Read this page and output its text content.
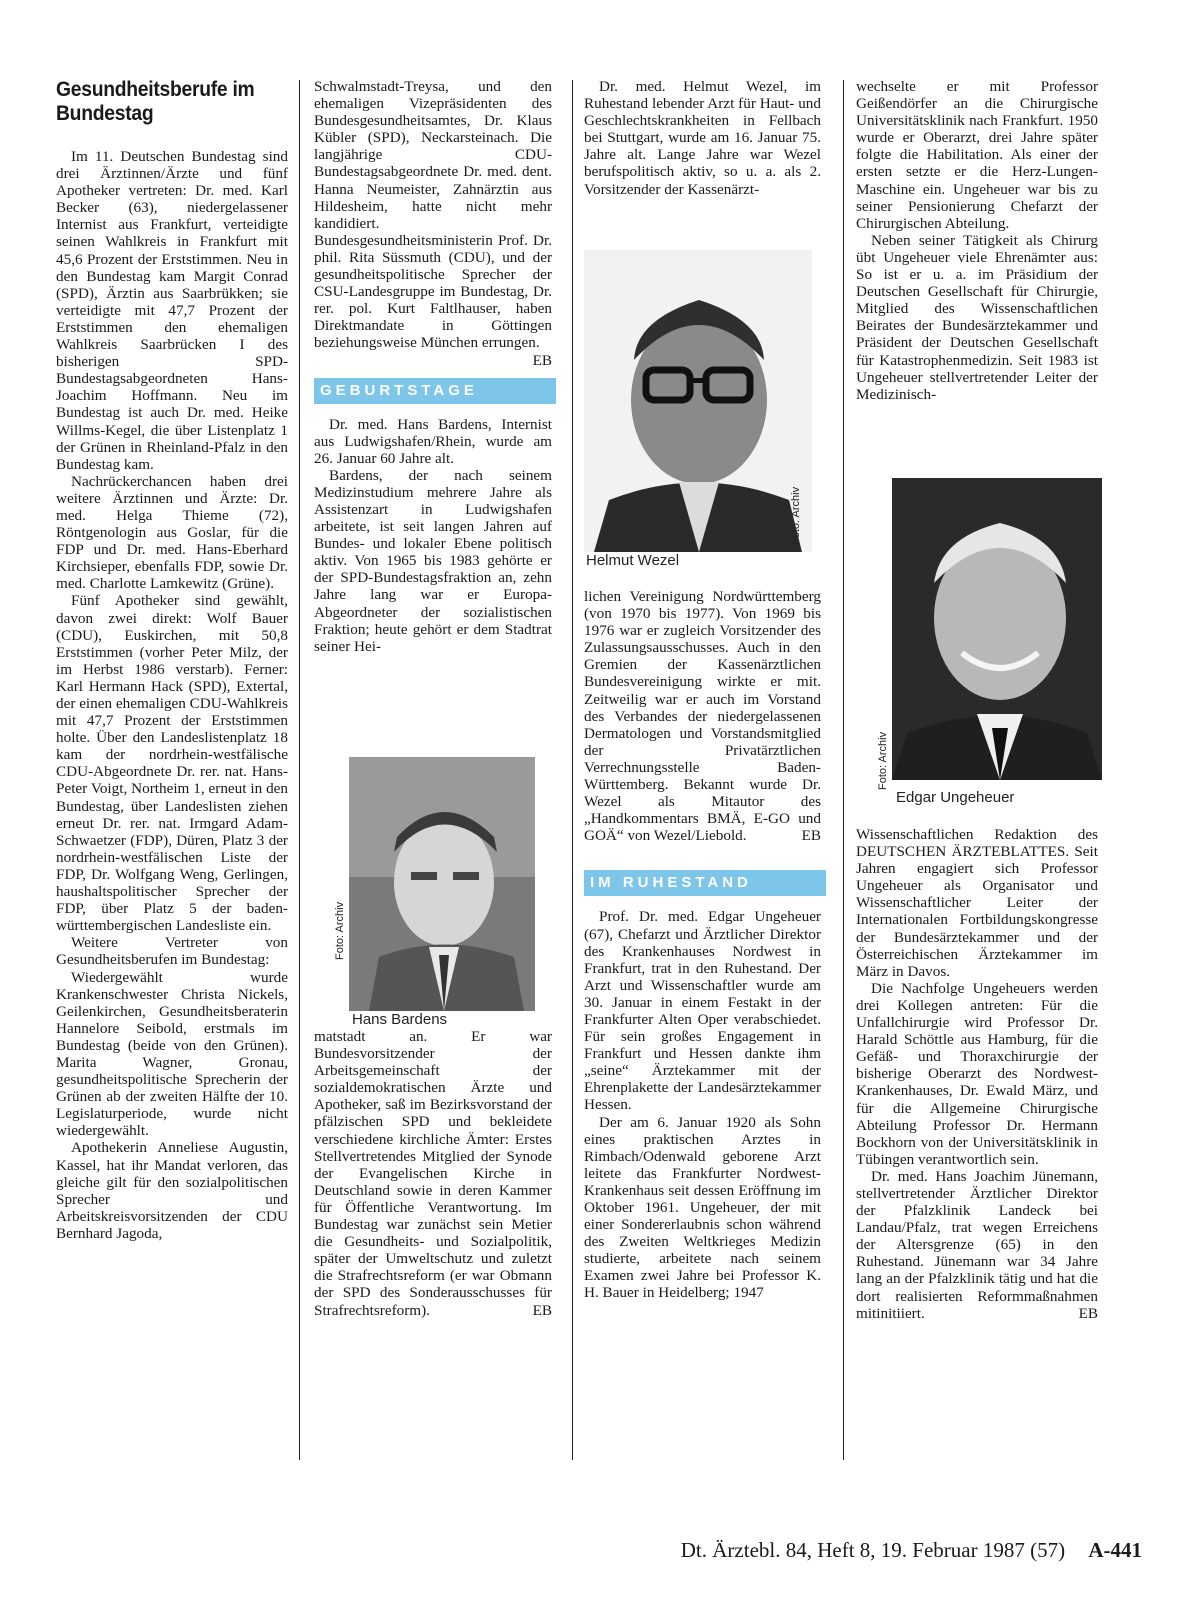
Gesundheitsberufe im Bundestag

Im 11. Deutschen Bundestag sind drei Ärztinnen/Ärzte und fünf Apotheker vertreten: Dr. med. Karl Becker (63), niedergelassener Internist aus Frankfurt, verteidigte seinen Wahlkreis in Frankfurt mit 45,6 Prozent der Erststimmen. Neu in den Bundestag kam Margit Conrad (SPD), Ärztin aus Saarbrükken; sie verteidigte mit 47,7 Prozent der Erststimmen den ehemaligen Wahlkreis Saarbrücken I des bisherigen SPD-Bundestagsabgeordneten Hans-Joachim Hoffmann. Neu im Bundestag ist auch Dr. med. Heike Willms-Kegel, die über Listenplatz 1 der Grünen in Rheinland-Pfalz in den Bundestag kam.

Nachrückerchancen haben drei weitere Ärztinnen und Ärzte: Dr. med. Helga Thieme (72), Röntgenologin aus Goslar, für die FDP und Dr. med. Hans-Eberhard Kirchsieper, ebenfalls FDP, sowie Dr. med. Charlotte Lamkewitz (Grüne).

Fünf Apotheker sind gewählt, davon zwei direkt: Wolf Bauer (CDU), Euskirchen, mit 50,8 Erststimmen (vorher Peter Milz, der im Herbst 1986 verstarb). Ferner: Karl Hermann Hack (SPD), Extertal, der einen ehemaligen CDU-Wahlkreis mit 47,7 Prozent der Erststimmen holte. Über den Landeslistenplatz 18 kam der nordrhein-westfälische CDU-Abgeordnete Dr. rer. nat. Hans-Peter Voigt, Northeim 1, erneut in den Bundestag, über Landeslisten ziehen erneut Dr. rer. nat. Irmgard Adam-Schwaetzer (FDP), Düren, Platz 3 der nordrhein-westfälischen Liste der FDP, Dr. Wolfgang Weng, Gerlingen, haushaltspolitischer Sprecher der FDP, über Platz 5 der baden-württembergischen Landesliste ein.

Weitere Vertreter von Gesundheitsberufen im Bundestag:

Wiedergewählt wurde Krankenschwester Christa Nickels, Geilenkirchen, Gesundheitsberaterin Hannelore Seibold, erstmals im Bundestag (beide von den Grünen). Marita Wagner, Gronau, gesundheitspolitische Sprecherin der Grünen ab der zweiten Hälfte der 10. Legislaturperiode, wurde nicht wiedergewählt.

Apothekerin Anneliese Augustin, Kassel, hat ihr Mandat verloren, das gleiche gilt für den sozialpolitischen Sprecher und Arbeitskreisvorsitzenden der CDU Bernhard Jagoda,

Schwalmstadt-Treysa, und den ehemaligen Vizepräsidenten des Bundesgesundheitsamtes, Dr. Klaus Kübler (SPD), Neckarsteinach. Die langjährige CDU-Bundestagsabgeordnete Dr. med. dent. Hanna Neumeister, Zahnärztin aus Hildesheim, hatte nicht mehr kandidiert. Bundesgesundheitsministerin Prof. Dr. phil. Rita Süssmuth (CDU), und der gesundheitspolitische Sprecher der CSU-Landesgruppe im Bundestag, Dr. rer. pol. Kurt Faltlhauser, haben Direktmandate in Göttingen beziehungsweise München errungen.
EB

GEBURTSTAGE

Dr. med. Hans Bardens, Internist aus Ludwigshafen/Rhein, wurde am 26. Januar 60 Jahre alt.

Bardens, der nach seinem Medizinstudium mehrere Jahre als Assistenzart in Ludwigshafen arbeitete, ist seit langen Jahren auf Bundes- und lokaler Ebene politisch aktiv. Von 1965 bis 1983 gehörte er der SPD-Bundestagsfraktion an, zehn Jahre lang war er Europa-Abgeordneter der sozialistischen Fraktion; heute gehört er dem Stadtrat seiner Hei-

matstadt an. Er war Bundesvorsitzender der Arbeitsgemeinschaft der sozialdemokratischen Ärzte und Apotheker, saß im Bezirksvorstand der pfälzischen SPD und bekleidete verschiedene kirchliche Ämter: Erstes Stellvertretendes Mitglied der Synode der Evangelischen Kirche in Deutschland sowie in deren Kammer für Öffentliche Verantwortung. Im Bundestag war zunächst sein Metier die Gesundheits- und Sozialpolitik, später der Umweltschutz und zuletzt die Strafrechtsreform (er war Obmann der SPD des Sonderausschusses für Strafrechtsreform).	EB

Foto: Archiv
Hans Bardens

Dr. med. Helmut Wezel, im Ruhestand lebender Arzt für Haut- und Geschlechtskrankheiten in Fellbach bei Stuttgart, wurde am 16. Januar 75. Jahre alt. Lange Jahre war Wezel berufspolitisch aktiv, so u. a. als 2. Vorsitzender der Kassenärzt-

Foto: Archiv
Helmut Wezel

lichen Vereinigung Nordwürttemberg (von 1970 bis 1977). Von 1969 bis 1976 war er zugleich Vorsitzender des Zulassungsausschusses. Auch in den Gremien der Kassenärztlichen Bundesvereinigung wirkte er mit. Zeitweilig war er auch im Vorstand des Verbandes der niedergelassenen Dermatologen und Vorstandsmitglied der Privatärztlichen Verrechnungsstelle Baden-Württemberg. Bekannt wurde Dr. Wezel als Mitautor des „Handkommentars BMÄ, E-GO und GOÄ“ von Wezel/Liebold.	EB

IM RUHESTAND

Prof. Dr. med. Edgar Ungeheuer (67), Chefarzt und Ärztlicher Direktor des Krankenhauses Nordwest in Frankfurt, trat in den Ruhestand. Der Arzt und Wissenschaftler wurde am 30. Januar in einem Festakt in der Frankfurter Alten Oper verabschiedet. Für sein großes Engagement in Frankfurt und Hessen dankte ihm „seine“ Ärztekammer mit der Ehrenplakette der Landesärztekammer Hessen.

Der am 6. Januar 1920 als Sohn eines praktischen Arztes in Rimbach/Odenwald geborene Arzt leitete das Frankfurter Nordwest-Krankenhaus seit dessen Eröffnung im Oktober 1961. Ungeheuer, der mit einer Sondererlaubnis schon während des Zweiten Weltkrieges Medizin studierte, arbeitete nach seinem Examen zwei Jahre bei Professor K. H. Bauer in Heidelberg; 1947

wechselte er mit Professor Geißendörfer an die Chirurgische Universitätsklinik nach Frankfurt. 1950 wurde er Oberarzt, drei Jahre später folgte die Habilitation. Als einer der ersten setzte er die Herz-Lungen-Maschine ein. Ungeheuer war bis zu seiner Pensionierung Chefarzt der Chirurgischen Abteilung.

Neben seiner Tätigkeit als Chirurg übt Ungeheuer viele Ehrenämter aus: So ist er u. a. im Präsidium der Deutschen Gesellschaft für Chirurgie, Mitglied des Wissenschaftlichen Beirates der Bundesärztekammer und Präsident der Deutschen Gesellschaft für Katastrophenmedizin. Seit 1983 ist Ungeheuer stellvertretender Leiter der Medizinisch-

Foto: Archiv
Edgar Ungeheuer

Wissenschaftlichen Redaktion des DEUTSCHEN ÄRZTEBLATTES. Seit Jahren engagiert sich Professor Ungeheuer als Organisator und Wissenschaftlicher Leiter der Internationalen Fortbildungskongresse der Bundesärztekammer und der Österreichischen Ärztekammer im März in Davos.

Die Nachfolge Ungeheuers werden drei Kollegen antreten: Für die Unfallchirurgie wird Professor Dr. Harald Schöttle aus Hamburg, für die Gefäß- und Thoraxchirurgie der bisherige Oberarzt des Nordwest-Krankenhauses, Dr. Ewald März, und für die Allgemeine Chirurgische Abteilung Professor Dr. Hermann Bockhorn von der Universitätsklinik in Tübingen verantwortlich sein.

Dr. med. Hans Joachim Jünemann, stellvertretender Ärztlicher Direktor der Pfalzklinik Landeck bei Landau/Pfalz, trat wegen Erreichens der Altersgrenze (65) in den Ruhestand. Jünemann war 34 Jahre lang an der Pfalzklinik tätig und hat die dort realisierten Reformmaßnahmen mitinitiiert.	EB

Dt. Ärztebl. 84, Heft 8, 19. Februar 1987 (57) A-441
